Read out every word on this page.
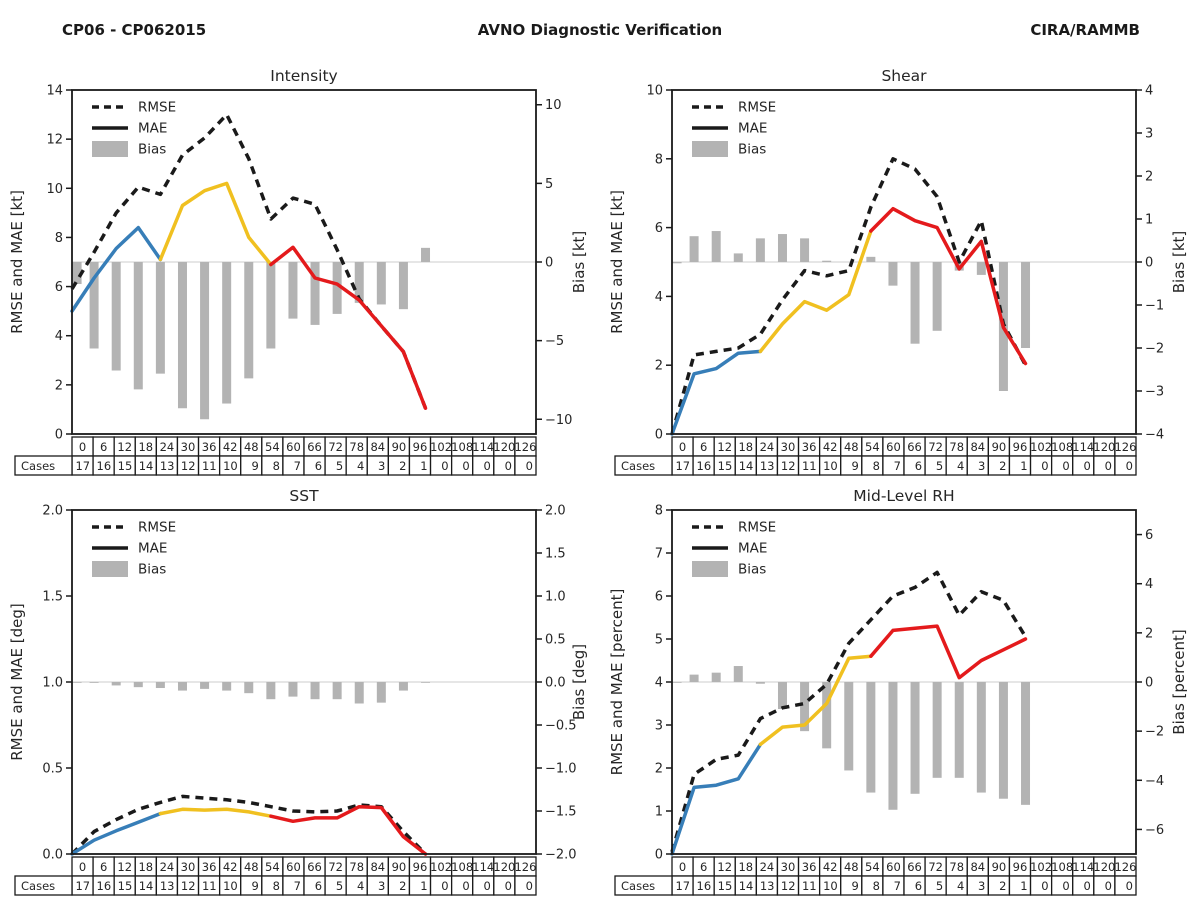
CP06 - CP062015	AVNO Diagnostic Verification	CIRA/RAMMB
Intensity
0
2
4
6
8
10
12
14
RMSE and MAE [kt]
10
5
0
−5
−10
Bias [kt]
RMSE
MAE
Bias
0
17
6
16
12
15
18
14
24
13
30
12
36
11
42
10
48
9
54
8
60
7
66
6
72
5
78
4
84
3
90
2
96
1
102
0
108
0
114
0
120
0
126
0
Cases
Shear
0
2
4
6
8
10
RMSE and MAE [kt]
4
3
2
1
0
−1
−2
−3
−4
Bias [kt]
RMSE
MAE
Bias
0
17
6
16
12
15
18
14
24
13
30
12
36
11
42
10
48
9
54
8
60
7
66
6
72
5
78
4
84
3
90
2
96
1
102
0
108
0
114
0
120
0
126
0
Cases
SST
0.0
0.5
1.0
1.5
2.0
RMSE and MAE [deg]
2.0
1.5
1.0
0.5
0.0
−0.5
−1.0
−1.5
−2.0
Bias [deg]
RMSE
MAE
Bias
0
17
6
16
12
15
18
14
24
13
30
12
36
11
42
10
48
9
54
8
60
7
66
6
72
5
78
4
84
3
90
2
96
1
102
0
108
0
114
0
120
0
126
0
Cases
Mid-Level RH
0
1
2
3
4
5
6
7
8
RMSE and MAE [percent]
6
4
2
0
−2
−4
−6
Bias [percent]
RMSE
MAE
Bias
0
17
6
16
12
15
18
14
24
13
30
12
36
11
42
10
48
9
54
8
60
7
66
6
72
5
78
4
84
3
90
2
96
1
102
0
108
0
114
0
120
0
126
0
Cases
